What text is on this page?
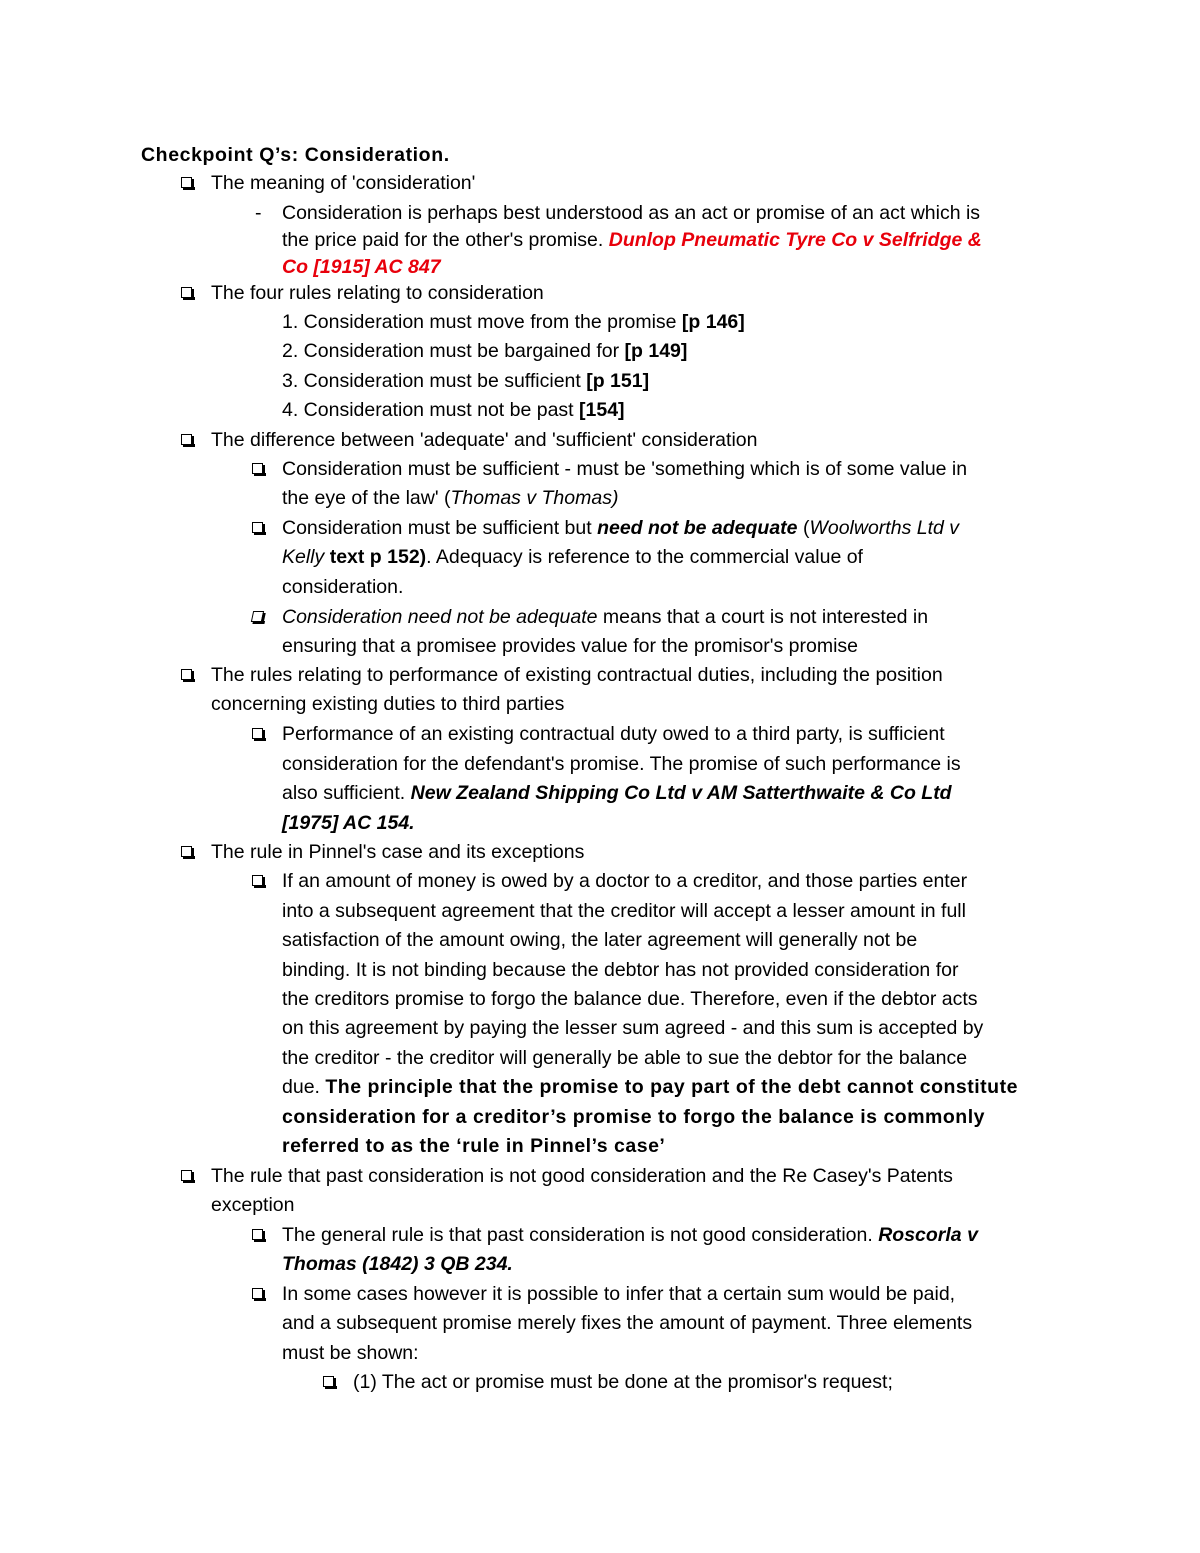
Checkpoint Q’s: Consideration.
The meaning of 'consideration'
- Consideration is perhaps best understood as an act or promise of an act which is
the price paid for the other's promise. Dunlop Pneumatic Tyre Co v Selfridge &
Co [1915] AC 847
The four rules relating to consideration
1. Consideration must move from the promise [p 146]
2. Consideration must be bargained for [p 149]
3. Consideration must be sufficient [p 151]
4. Consideration must not be past [154]
The difference between 'adequate' and 'sufficient' consideration
Consideration must be sufficient - must be 'something which is of some value in
the eye of the law' (Thomas v Thomas)
Consideration must be sufficient but need not be adequate (Woolworths Ltd v
Kelly text p 152). Adequacy is reference to the commercial value of
consideration.
Consideration need not be adequate means that a court is not interested in
ensuring that a promisee provides value for the promisor's promise
The rules relating to performance of existing contractual duties, including the position
concerning existing duties to third parties
Performance of an existing contractual duty owed to a third party, is sufficient
consideration for the defendant's promise. The promise of such performance is
also sufficient. New Zealand Shipping Co Ltd v AM Satterthwaite & Co Ltd
[1975] AC 154.
The rule in Pinnel's case and its exceptions
If an amount of money is owed by a doctor to a creditor, and those parties enter
into a subsequent agreement that the creditor will accept a lesser amount in full
satisfaction of the amount owing, the later agreement will generally not be
binding. It is not binding because the debtor has not provided consideration for
the creditors promise to forgo the balance due. Therefore, even if the debtor acts
on this agreement by paying the lesser sum agreed - and this sum is accepted by
the creditor - the creditor will generally be able to sue the debtor for the balance
due. The principle that the promise to pay part of the debt cannot constitute
consideration for a creditor’s promise to forgo the balance is commonly
referred to as the ‘rule in Pinnel’s case’
The rule that past consideration is not good consideration and the Re Casey's Patents
exception
The general rule is that past consideration is not good consideration. Roscorla v
Thomas (1842) 3 QB 234.
In some cases however it is possible to infer that a certain sum would be paid,
and a subsequent promise merely fixes the amount of payment. Three elements
must be shown:
(1) The act or promise must be done at the promisor's request;
